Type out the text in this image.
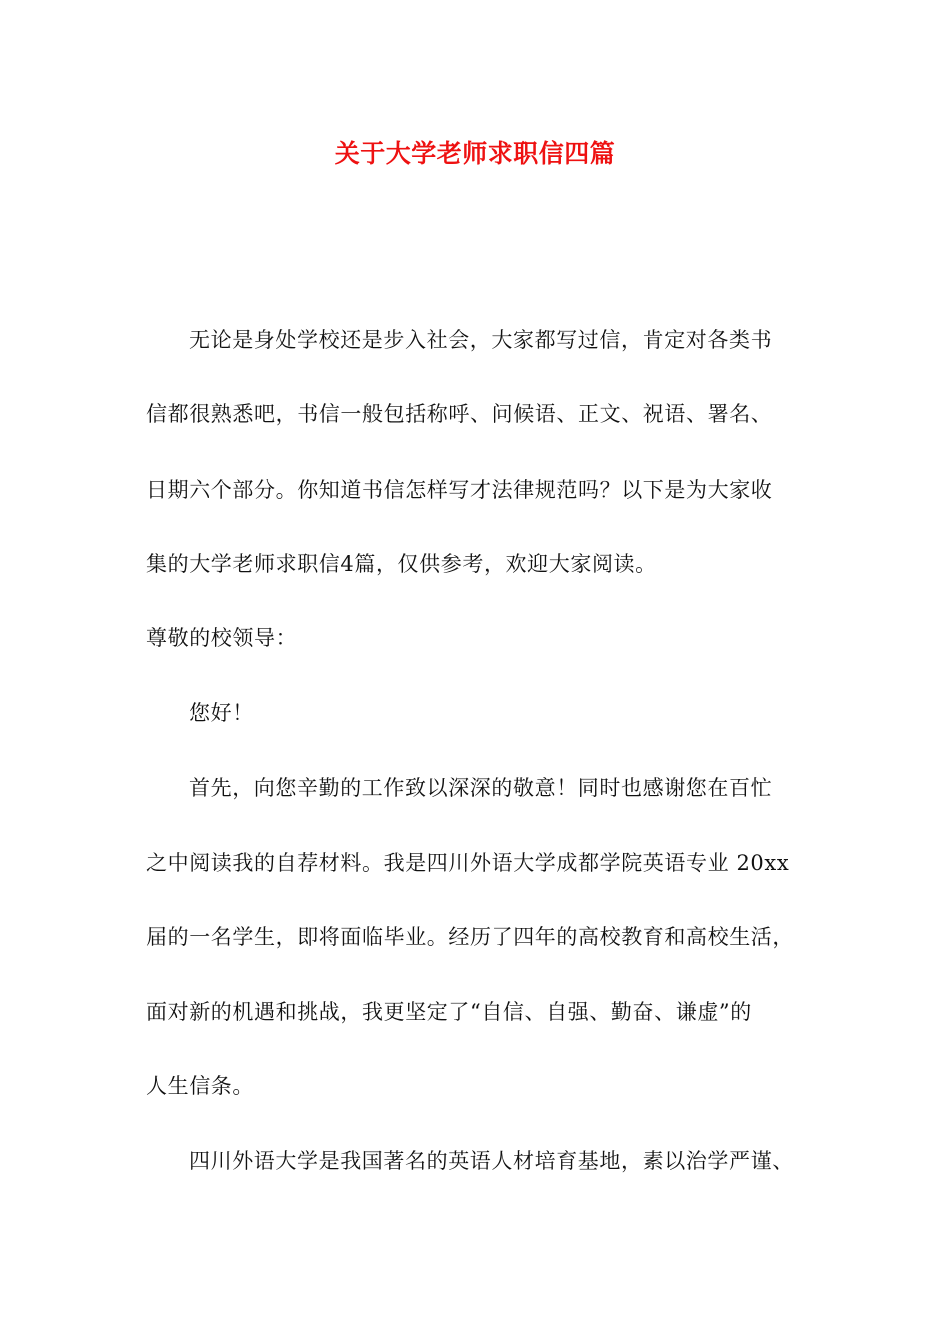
关于大学老师求职信四篇
无论是身处学校还是步入社会，大家都写过信，肯定对各类书
信都很熟悉吧，书信一般包括称呼、问候语、正文、祝语、署名、
日期六个部分。你知道书信怎样写才法律规范吗？以下是为大家收
集的大学老师求职信4篇，仅供参考，欢迎大家阅读。
尊敬的校领导：
您好！
首先，向您辛勤的工作致以深深的敬意！同时也感谢您在百忙
之中阅读我的自荐材料。我是四川外语大学成都学院英语专业 20xx
届的一名学生，即将面临毕业。经历了四年的高校教育和高校生活，
面对新的机遇和挑战，我更坚定了“自信、自强、勤奋、谦虚”的
人生信条。
四川外语大学是我国著名的英语人材培育基地，素以治学严谨、
